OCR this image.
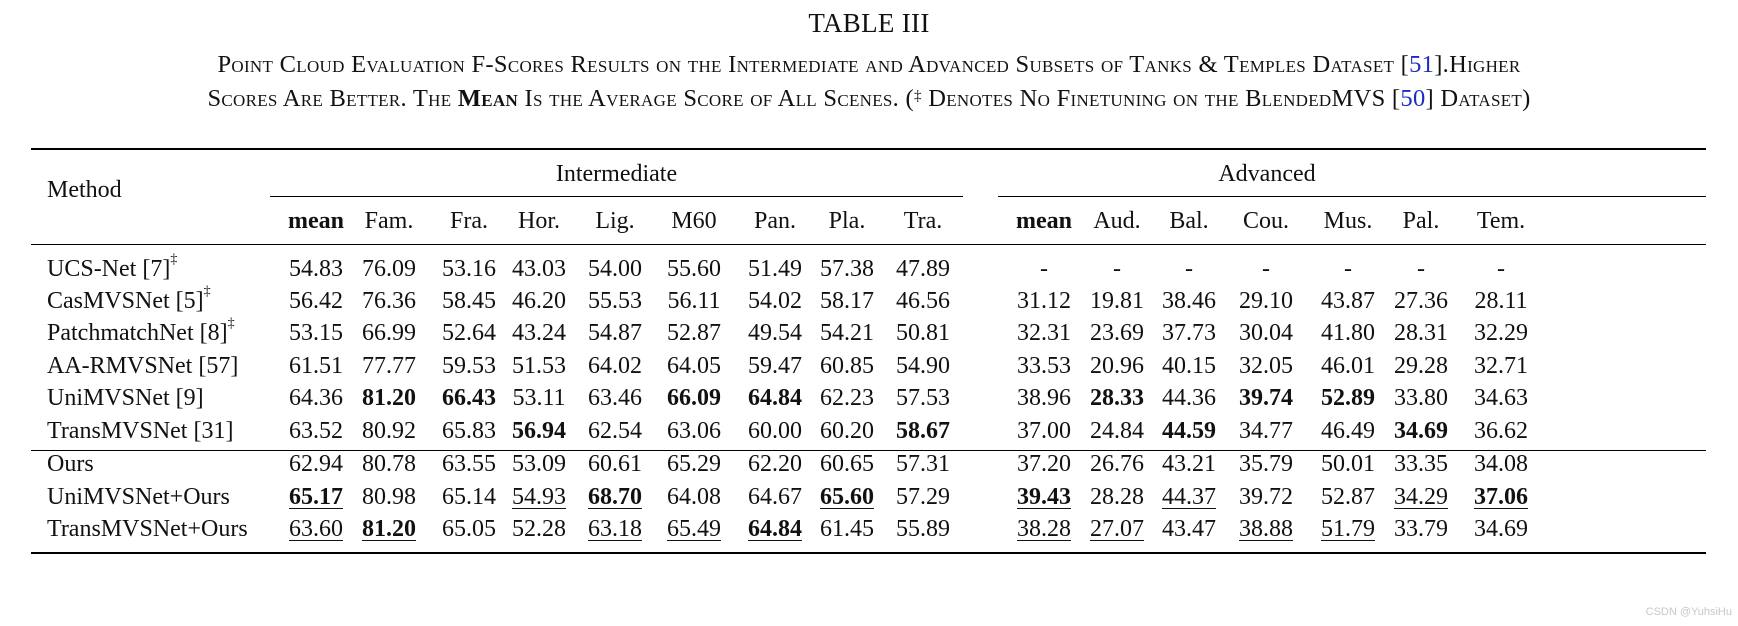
TABLE III
Point Cloud Evaluation F-Scores Results on the Intermediate and Advanced Subsets of Tanks & Temples Dataset [51].Higher
Scores Are Better. The Mean Is the Average Score of All Scenes. (‡ Denotes No Finetuning on the BlendedMVS [50] Dataset)
Method
Intermediate	Advanced
mean Fam.	Fra.	Hor.	Lig.	M60	Pan.	Pla.	Tra.	mean Aud.	Bal.	Cou.	Mus.	Pal.	Tem.
UCS-Net [7]‡	54.83 76.09	53.16 43.03 54.00	55.60	51.49 57.38 47.89	-	-	-	-	-	-	-
CasMVSNet [5]‡	56.42 76.36	58.45 46.20 55.53	56.11	54.02 58.17 46.56	31.12 19.81 38.46 29.10	43.87 27.36	28.11
PatchmatchNet [8]‡	53.15 66.99	52.64 43.24 54.87	52.87	49.54 54.21 50.81	32.31 23.69 37.73 30.04	41.80 28.31	32.29
AA-RMVSNet [57]	61.51 77.77	59.53 51.53 64.02	64.05	59.47 60.85 54.90	33.53 20.96 40.15 32.05	46.01 29.28	32.71
UniMVSNet [9]	64.36 81.20	66.43 53.11 63.46	66.09	64.84 62.23 57.53	38.96 28.33 44.36 39.74	52.89 33.80	34.63
TransMVSNet [31]	63.52 80.92	65.83 56.94 62.54	63.06	60.00 60.20 58.67	37.00 24.84 44.59 34.77	46.49 34.69	36.62
Ours	62.94 80.78	63.55 53.09 60.61	65.29	62.20 60.65 57.31	37.20 26.76 43.21 35.79	50.01 33.35	34.08
UniMVSNet+Ours	65.17 80.98	65.14 54.93 68.70	64.08	64.67 65.60 57.29	39.43 28.28 44.37 39.72	52.87 34.29	37.06
TransMVSNet+Ours	63.60 81.20	65.05 52.28 63.18	65.49	64.84 61.45 55.89	38.28 27.07 43.47 38.88	51.79 33.79	34.69
CSDN @YuhsiHu
